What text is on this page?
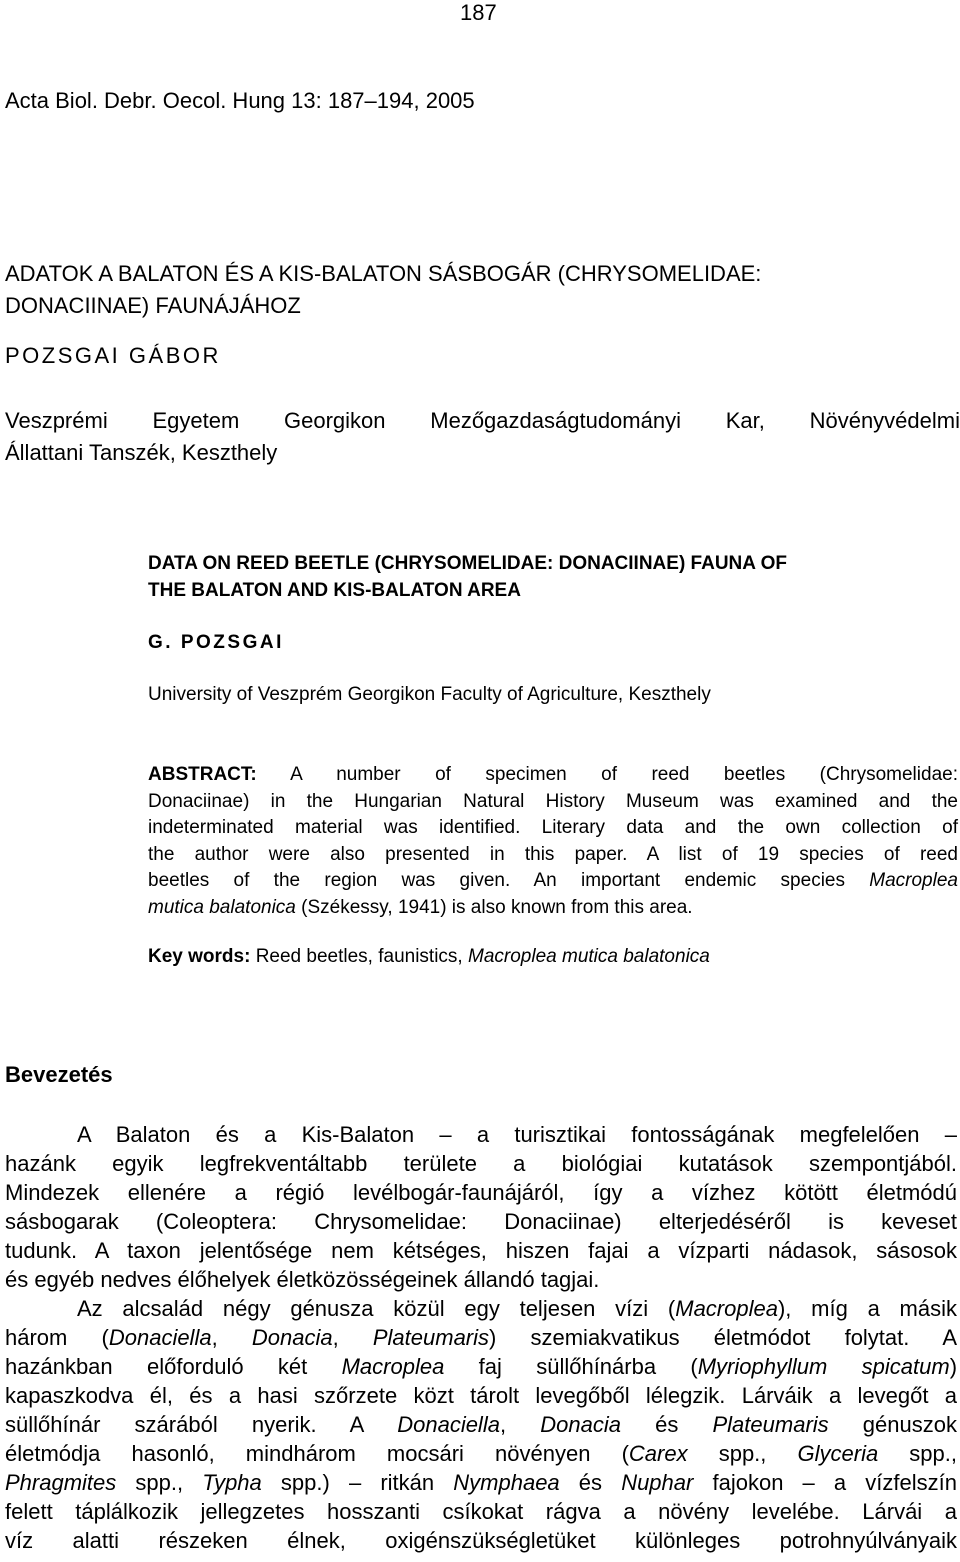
187
Acta Biol. Debr. Oecol. Hung 13: 187–194, 2005
ADATOK A BALATON ÉS A KIS-BALATON SÁSBOGÁR (CHRYSOMELIDAE:
DONACIINAE) FAUNÁJÁHOZ
POZSGAI GÁBOR
Veszprémi Egyetem Georgikon Mezőgazdaságtudományi Kar, Növényvédelmi
Állattani Tanszék, Keszthely
DATA ON REED BEETLE (CHRYSOMELIDAE: DONACIINAE) FAUNA OF
THE BALATON AND KIS-BALATON AREA
G. POZSGAI
University of Veszprém Georgikon Faculty of Agriculture, Keszthely
ABSTRACT: A number of specimen of reed beetles (Chrysomelidae:
Donaciinae) in the Hungarian Natural History Museum was examined and the
indeterminated material was identified. Literary data and the own collection of
the author were also presented in this paper. A list of 19 species of reed
beetles of the region was given. An important endemic species Macroplea
mutica balatonica (Székessy, 1941) is also known from this area.
Key words: Reed beetles, faunistics, Macroplea mutica balatonica
Bevezetés
A Balaton és a Kis-Balaton – a turisztikai fontosságának megfelelően –
hazánk egyik legfrekventáltabb területe a biológiai kutatások szempontjából.
Mindezek ellenére a régió levélbogár-faunájáról, így a vízhez kötött életmódú
sásbogarak (Coleoptera: Chrysomelidae: Donaciinae) elterjedéséről is keveset
tudunk. A taxon jelentősége nem kétséges, hiszen fajai a vízparti nádasok, sásosok
és egyéb nedves élőhelyek életközösségeinek állandó tagjai.
Az alcsalád négy génusza közül egy teljesen vízi (Macroplea), míg a másik
három (Donaciella, Donacia, Plateumaris) szemiakvatikus életmódot folytat. A
hazánkban előforduló két Macroplea faj süllőhínárba (Myriophyllum spicatum)
kapaszkodva él, és a hasi szőrzete közt tárolt levegőből lélegzik. Lárváik a levegőt a
süllőhínár szárából nyerik. A Donaciella, Donacia és Plateumaris génuszok
életmódja hasonló, mindhárom mocsári növényen (Carex spp., Glyceria spp.,
Phragmites spp., Typha spp.) – ritkán Nymphaea és Nuphar fajokon – a vízfelszín
felett táplálkozik jellegzetes hosszanti csíkokat rágva a növény levelébe. Lárvái a
víz alatti részeken élnek, oxigénszükségletüket különleges potrohnyúlványaik
